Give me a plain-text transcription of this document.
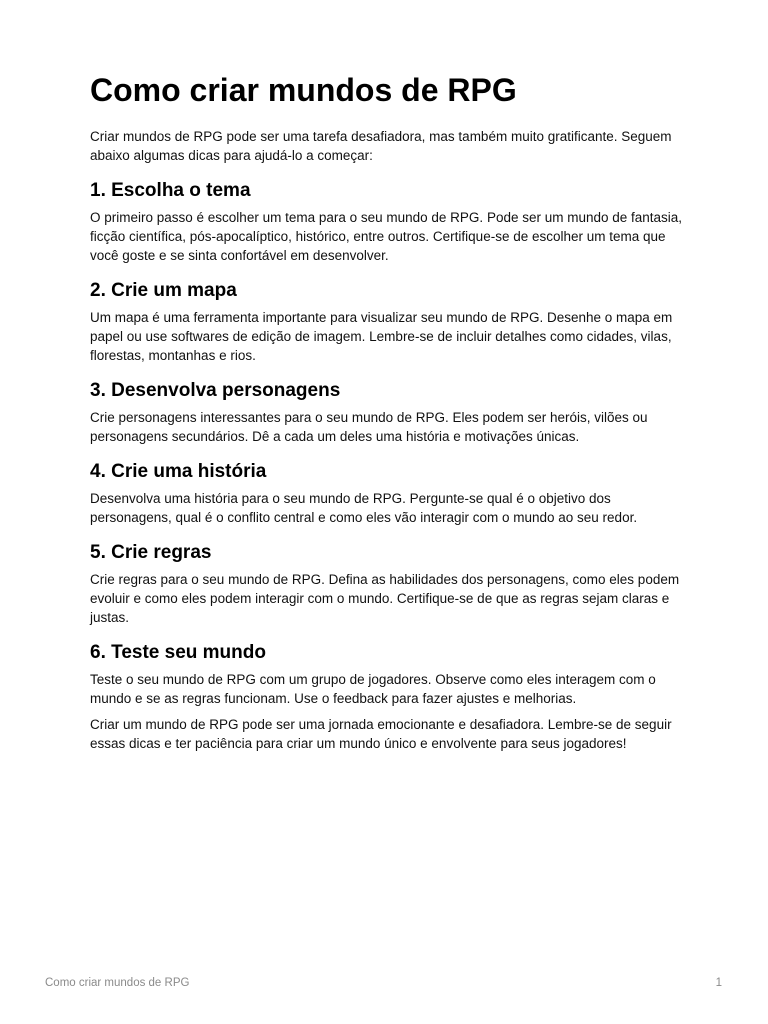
Como criar mundos de RPG

Criar mundos de RPG pode ser uma tarefa desafiadora, mas também muito gratificante. Seguem abaixo algumas dicas para ajudá-lo a começar:

1. Escolha o tema

O primeiro passo é escolher um tema para o seu mundo de RPG. Pode ser um mundo de fantasia, ficção científica, pós-apocalíptico, histórico, entre outros. Certifique-se de escolher um tema que você goste e se sinta confortável em desenvolver.

2. Crie um mapa

Um mapa é uma ferramenta importante para visualizar seu mundo de RPG. Desenhe o mapa em papel ou use softwares de edição de imagem. Lembre-se de incluir detalhes como cidades, vilas, florestas, montanhas e rios.

3. Desenvolva personagens

Crie personagens interessantes para o seu mundo de RPG. Eles podem ser heróis, vilões ou personagens secundários. Dê a cada um deles uma história e motivações únicas.

4. Crie uma história

Desenvolva uma história para o seu mundo de RPG. Pergunte-se qual é o objetivo dos personagens, qual é o conflito central e como eles vão interagir com o mundo ao seu redor.

5. Crie regras

Crie regras para o seu mundo de RPG. Defina as habilidades dos personagens, como eles podem evoluir e como eles podem interagir com o mundo. Certifique-se de que as regras sejam claras e justas.

6. Teste seu mundo

Teste o seu mundo de RPG com um grupo de jogadores. Observe como eles interagem com o mundo e se as regras funcionam. Use o feedback para fazer ajustes e melhorias.

Criar um mundo de RPG pode ser uma jornada emocionante e desafiadora. Lembre-se de seguir essas dicas e ter paciência para criar um mundo único e envolvente para seus jogadores!

Como criar mundos de RPG	1
